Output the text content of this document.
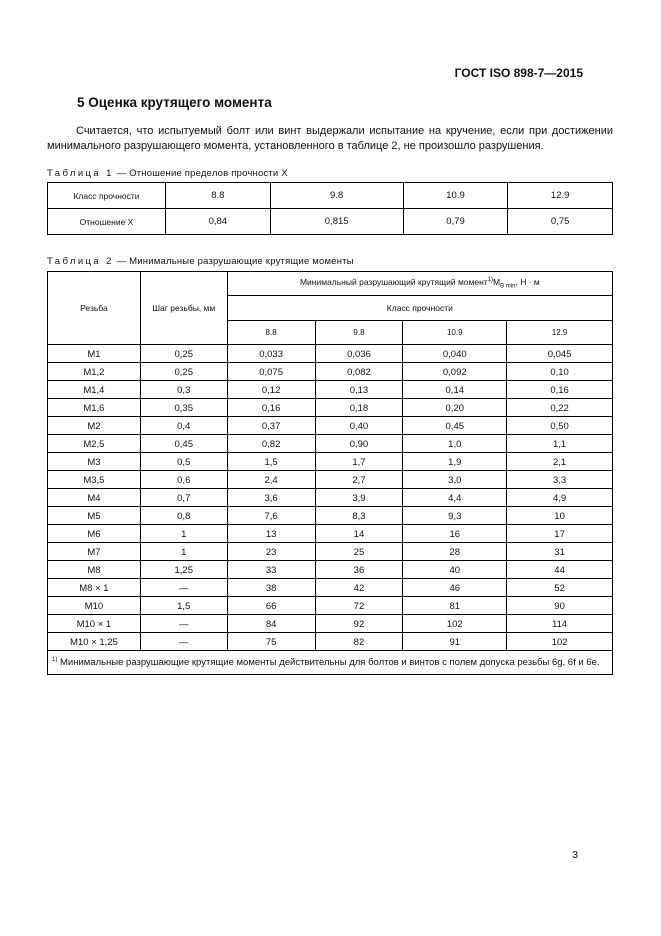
ГОСТ ISO 898-7—2015
5 Оценка крутящего момента
Считается, что испытуемый болт или винт выдержали испытание на кручение, если при достижении минимального разрушающего момента, установленного в таблице 2, не произошло разрушения.
Таблица 1 — Отношение пределов прочности X
Класс прочности	8.8	9.8	10.9	12.9
Отношение X	0,84	0,815	0,79	0,75
Таблица 2 — Минимальные разрушающие крутящие моменты
Резьба	Шаг резьбы, мм	Минимальный разрушающий крутящий $момент^{1)}M_{B min}$, Н · м			
		Класс прочности			
		8.8	9.8	10.9	12.9
M1	0,25	0,033	0,036	0,040	0,045
M1,2	0,25	0,075	0,082	0,092	0,10
M1,4	0,3	0,12	0,13	0,14	0,16
M1,6	0,35	0,16	0,18	0,20	0,22
M2	0,4	0,37	0,40	0,45	0,50
M2,5	0,45	0,82	0,90	1,0	1,1
M3	0,5	1,5	1,7	1,9	2,1
M3,5	0,6	2,4	2,7	3,0	3,3
M4	0,7	3,6	3,9	4,4	4,9
M5	0,8	7,6	8,3	9,3	10
M6	1	13	14	16	17
M7	1	23	25	28	31
M8	1,25	33	36	40	44
M8 × 1	—	38	42	46	52
M10	1,5	66	72	81	90
M10 × 1	—	84	92	102	114
M10 × 1,25	—	75	82	91	102
$^{1)}$ Минимальные разрушающие крутящие моменты действительны для болтов и винтов с полем допуска резьбы 6g, 6f и 6e.					
3
